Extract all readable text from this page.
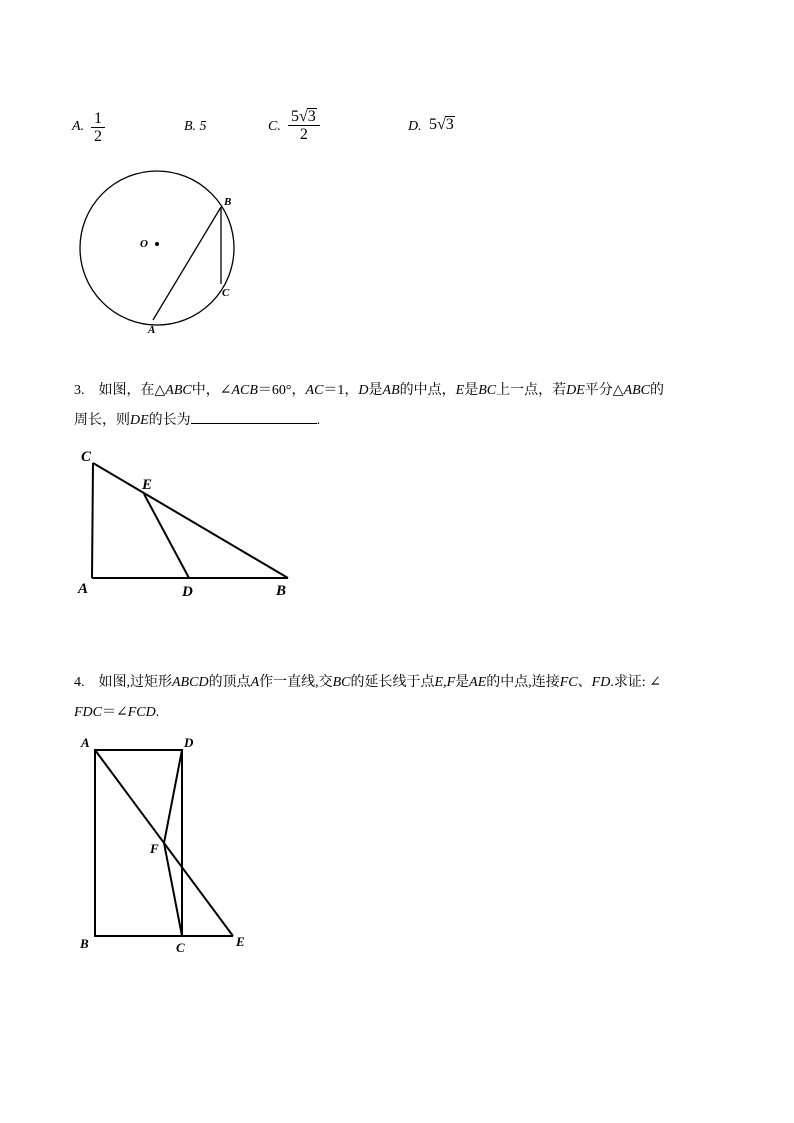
A. $\frac{1}{2}$	B. 5	C. $\frac{5√3}{2}$	D. 5√3
O
B
C
A
3. 如图，在△ABC中，∠ACB＝60°，AC＝1，D是AB的中点，E是BC上一点，若DE平分△ABC的
周长，则DE的长为	.
C
E
A	D	B
4. 如图,过矩形ABCD的顶点A作一直线,交BC的延长线于点E,F是AE的中点,连接FC、FD.求证: ∠
FDC＝∠FCD.
A	D
F
B	C	E
